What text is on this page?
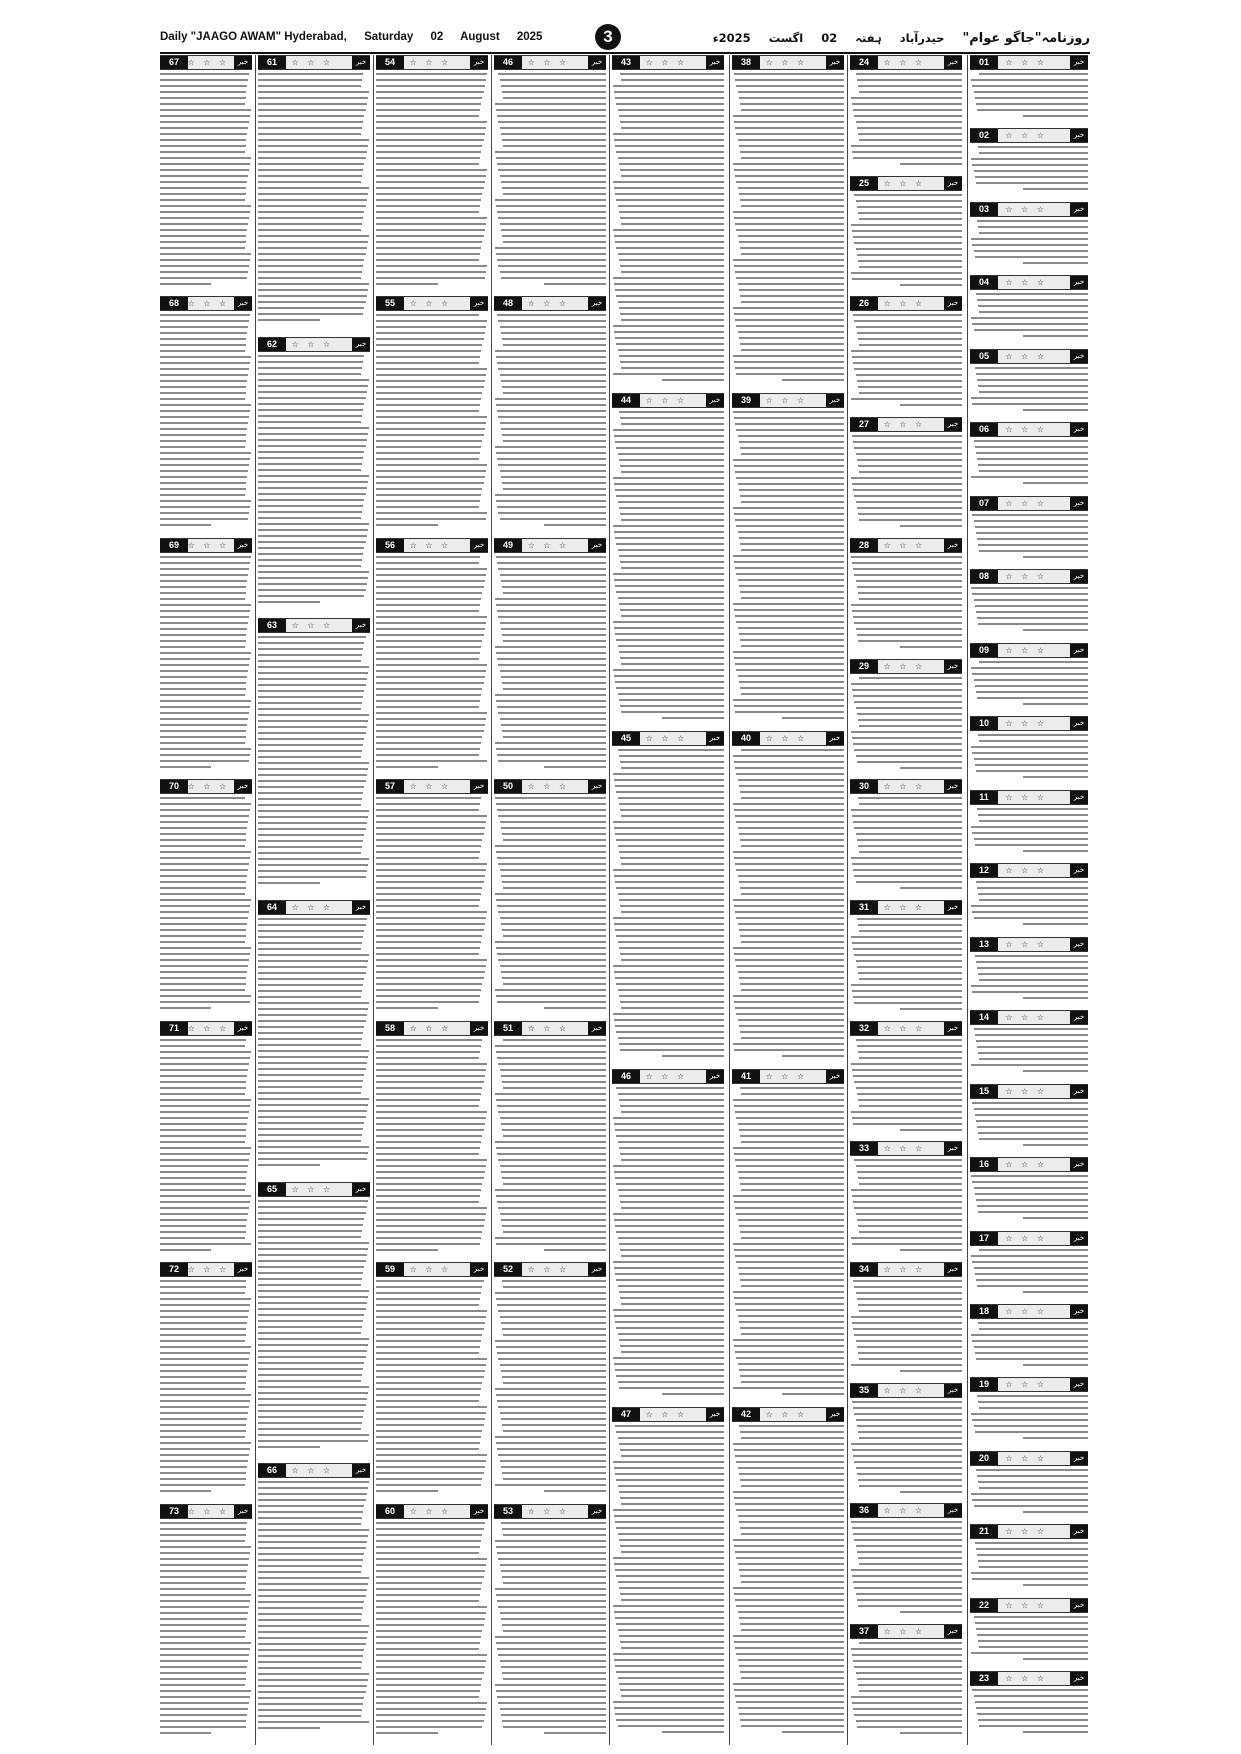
Daily "JAAGO AWAM" Hyderabad, Saturday 02 August 2025	3	روزنامہ"جاگو عوام" حیدرآباد ہفتہ 02 اگست 2025ء
01	☆ ☆ ☆	خبر
02	☆ ☆ ☆	خبر
03	☆ ☆ ☆	خبر
04	☆ ☆ ☆	خبر
05	☆ ☆ ☆	خبر
06	☆ ☆ ☆	خبر
07	☆ ☆ ☆	خبر
08	☆ ☆ ☆	خبر
09	☆ ☆ ☆	خبر
10	☆ ☆ ☆	خبر
11	☆ ☆ ☆	خبر
12	☆ ☆ ☆	خبر
13	☆ ☆ ☆	خبر
14	☆ ☆ ☆	خبر
15	☆ ☆ ☆	خبر
16	☆ ☆ ☆	خبر
17	☆ ☆ ☆	خبر
18	☆ ☆ ☆	خبر
19	☆ ☆ ☆	خبر
20	☆ ☆ ☆	خبر
21	☆ ☆ ☆	خبر
22	☆ ☆ ☆	خبر
23	☆ ☆ ☆	خبر
24	☆ ☆ ☆	خبر
25	☆ ☆ ☆	خبر
26	☆ ☆ ☆	خبر
27	☆ ☆ ☆	خبر
28	☆ ☆ ☆	خبر
29	☆ ☆ ☆	خبر
30	☆ ☆ ☆	خبر
31	☆ ☆ ☆	خبر
32	☆ ☆ ☆	خبر
33	☆ ☆ ☆	خبر
34	☆ ☆ ☆	خبر
35	☆ ☆ ☆	خبر
36	☆ ☆ ☆	خبر
37	☆ ☆ ☆	خبر
38	☆ ☆ ☆	خبر
39	☆ ☆ ☆	خبر
40	☆ ☆ ☆	خبر
41	☆ ☆ ☆	خبر
42	☆ ☆ ☆	خبر
43	☆ ☆ ☆	خبر
44	☆ ☆ ☆	خبر
45	☆ ☆ ☆	خبر
46	☆ ☆ ☆	خبر
47	☆ ☆ ☆	خبر
46	☆ ☆ ☆	خبر
48	☆ ☆ ☆	خبر
49	☆ ☆ ☆	خبر
50	☆ ☆ ☆	خبر
51	☆ ☆ ☆	خبر
52	☆ ☆ ☆	خبر
53	☆ ☆ ☆	خبر
54	☆ ☆ ☆	خبر
55	☆ ☆ ☆	خبر
56	☆ ☆ ☆	خبر
57	☆ ☆ ☆	خبر
58	☆ ☆ ☆	خبر
59	☆ ☆ ☆	خبر
60	☆ ☆ ☆	خبر
61	☆ ☆ ☆	خبر
62	☆ ☆ ☆	خبر
63	☆ ☆ ☆	خبر
64	☆ ☆ ☆	خبر
65	☆ ☆ ☆	خبر
66	☆ ☆ ☆	خبر
67	☆ ☆ ☆	خبر
68	☆ ☆ ☆	خبر
69	☆ ☆ ☆	خبر
70	☆ ☆ ☆	خبر
71	☆ ☆ ☆	خبر
72	☆ ☆ ☆	خبر
73	☆ ☆ ☆	خبر
